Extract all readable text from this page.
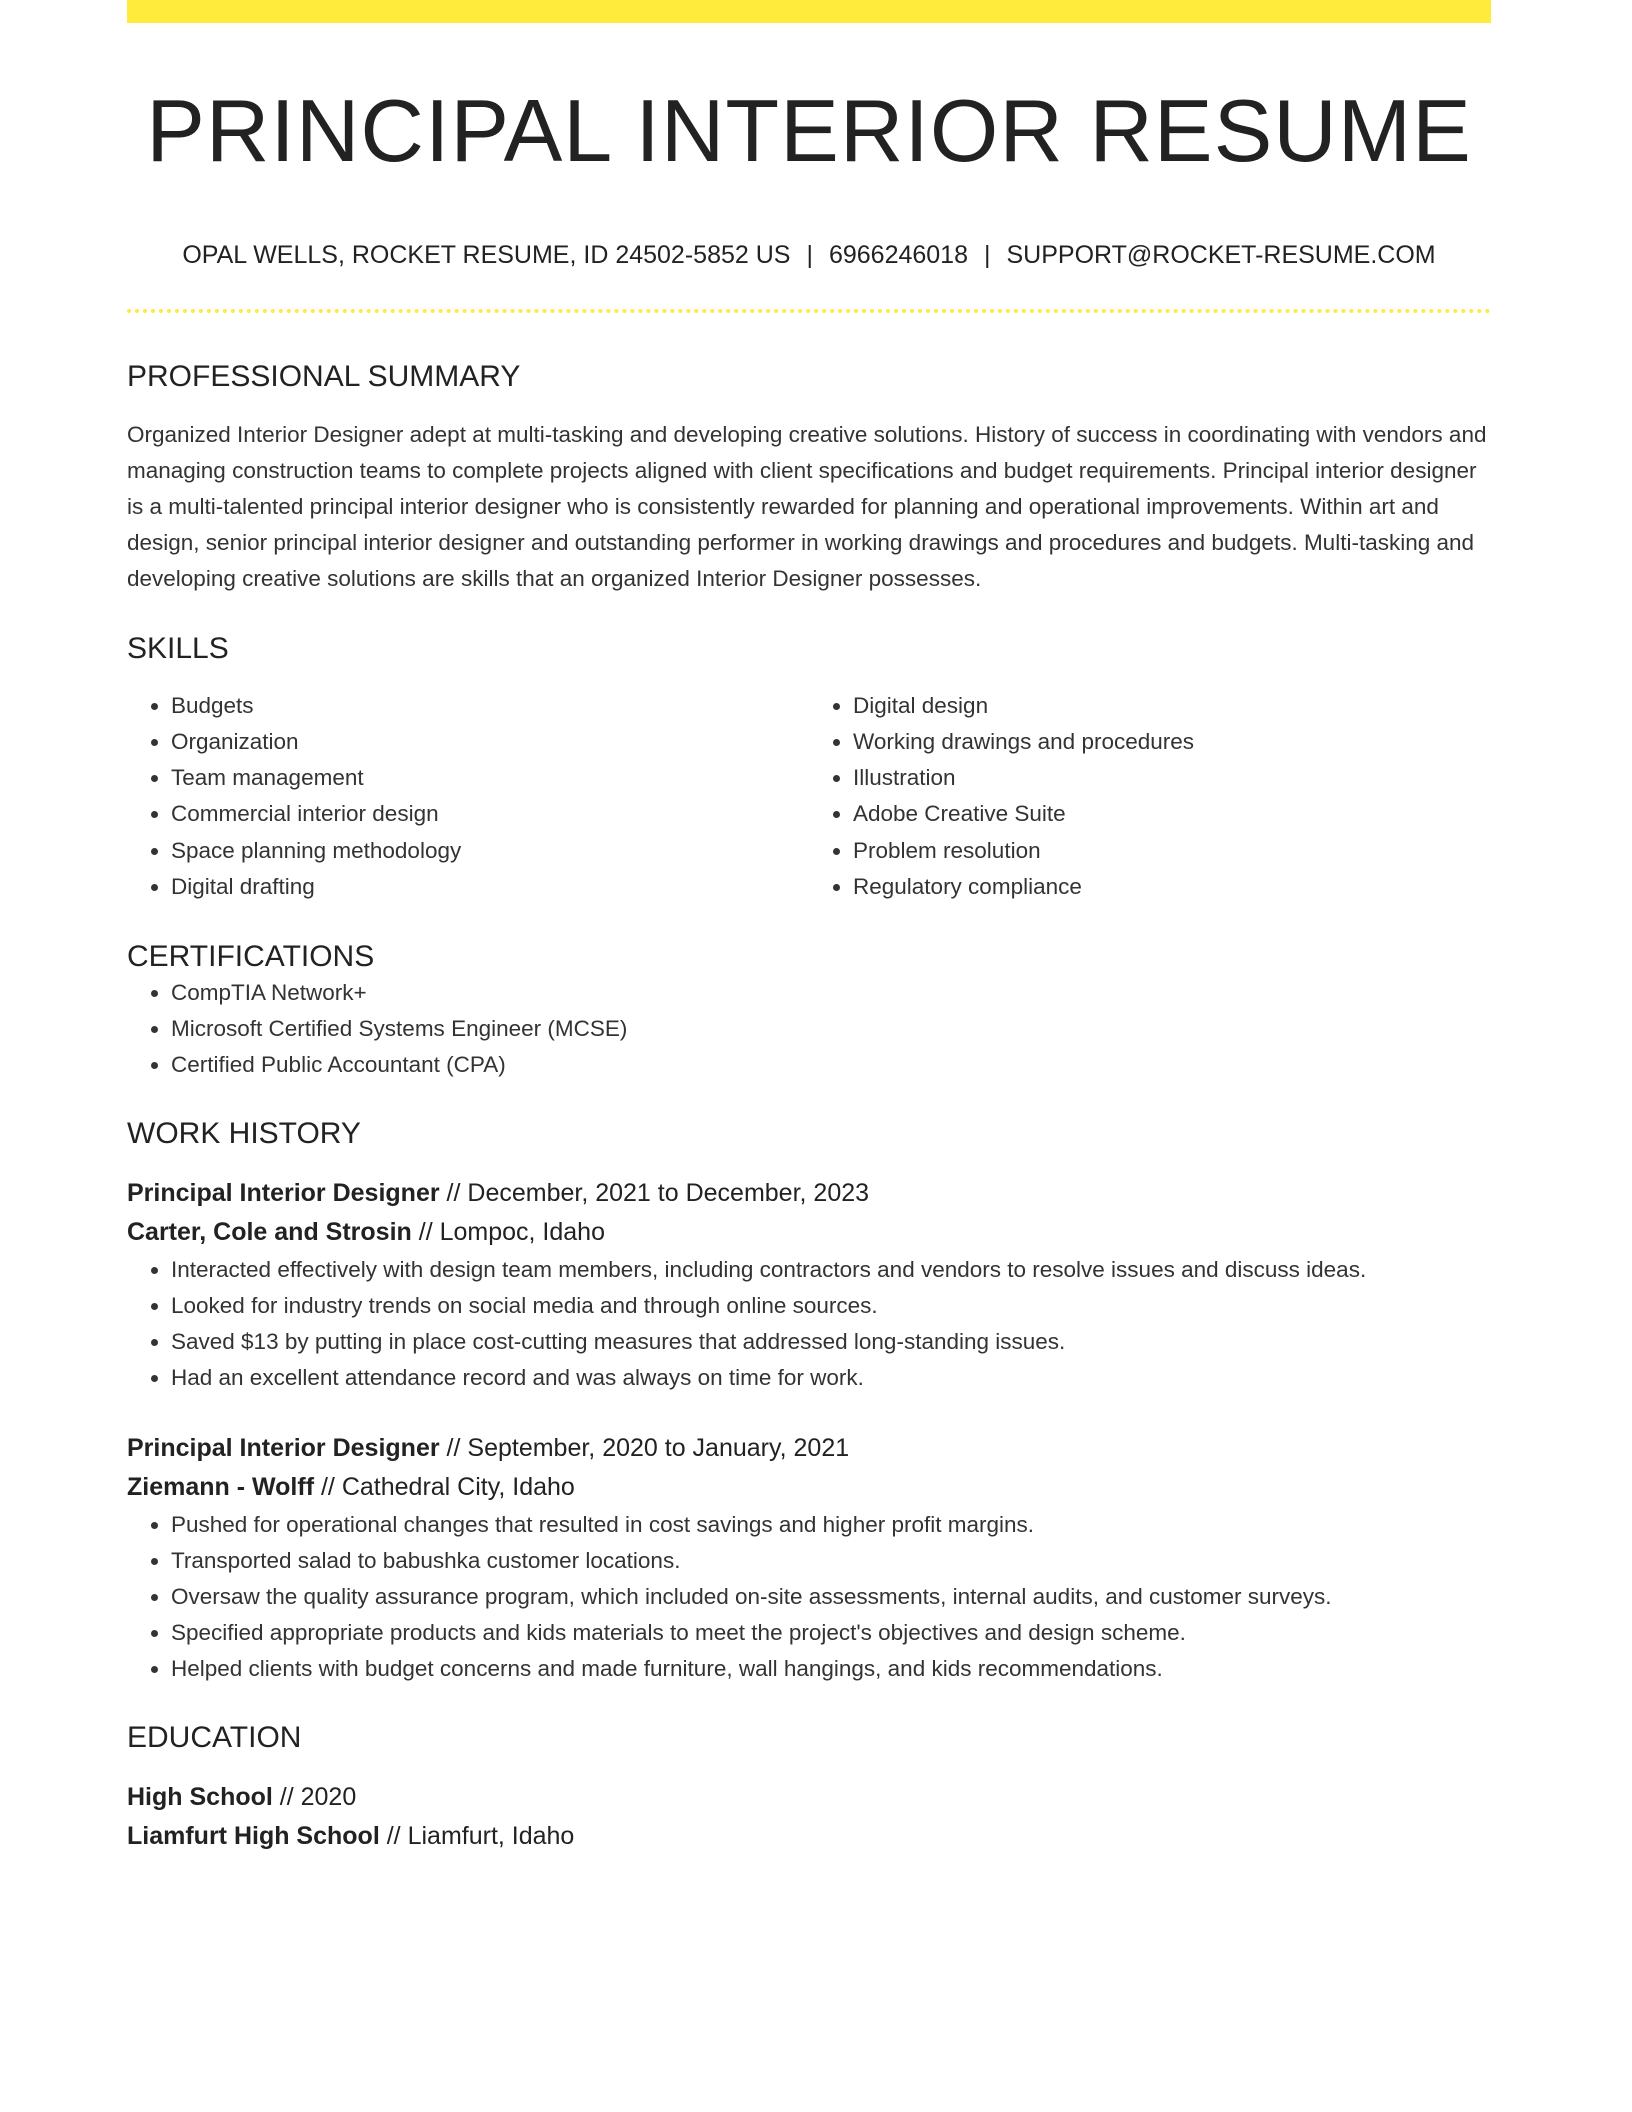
PRINCIPAL INTERIOR RESUME
OPAL WELLS, ROCKET RESUME, ID 24502-5852 US | 6966246018 | SUPPORT@ROCKET-RESUME.COM
PROFESSIONAL SUMMARY

Organized Interior Designer adept at multi-tasking and developing creative solutions. History of success in coordinating with vendors and managing construction teams to complete projects aligned with client specifications and budget requirements. Principal interior designer is a multi-talented principal interior designer who is consistently rewarded for planning and operational improvements. Within art and design, senior principal interior designer and outstanding performer in working drawings and procedures and budgets. Multi-tasking and developing creative solutions are skills that an organized Interior Designer possesses.

SKILLS
• Budgets
• Organization
• Team management
• Commercial interior design
• Space planning methodology
• Digital drafting
• Digital design
• Working drawings and procedures
• Illustration
• Adobe Creative Suite
• Problem resolution
• Regulatory compliance
CERTIFICATIONS
• CompTIA Network+
• Microsoft Certified Systems Engineer (MCSE)
• Certified Public Accountant (CPA)
WORK HISTORY
Principal Interior Designer // December, 2021 to December, 2023
Carter, Cole and Strosin // Lompoc, Idaho
• Interacted effectively with design team members, including contractors and vendors to resolve issues and discuss ideas.
• Looked for industry trends on social media and through online sources.
• Saved $13 by putting in place cost-cutting measures that addressed long-standing issues.
• Had an excellent attendance record and was always on time for work.
Principal Interior Designer // September, 2020 to January, 2021
Ziemann - Wolff // Cathedral City, Idaho
• Pushed for operational changes that resulted in cost savings and higher profit margins.
• Transported salad to babushka customer locations.
• Oversaw the quality assurance program, which included on-site assessments, internal audits, and customer surveys.
• Specified appropriate products and kids materials to meet the project's objectives and design scheme.
• Helped clients with budget concerns and made furniture, wall hangings, and kids recommendations.
EDUCATION
High School // 2020
Liamfurt High School // Liamfurt, Idaho
